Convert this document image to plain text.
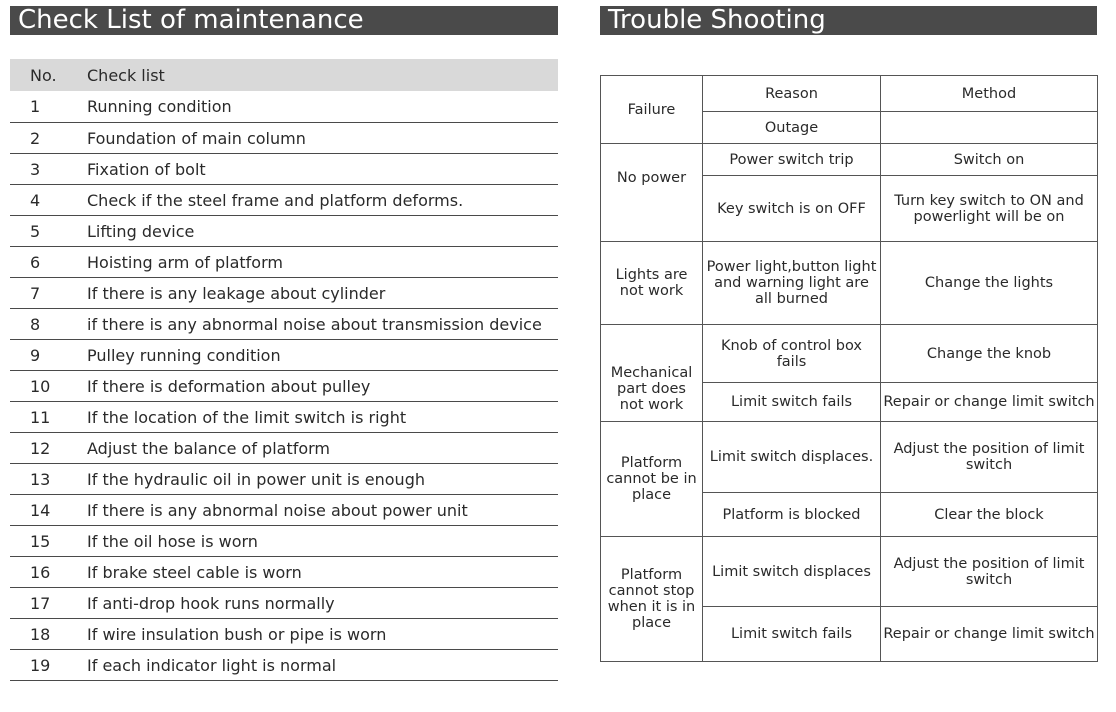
Check List of maintenance	Trouble Shooting
No.	Check list
1	Running condition
2	Foundation of main column
3	Fixation of bolt
4	Check if the steel frame and platform deforms.
5	Lifting device
6	Hoisting arm of platform
7	If there is any leakage about cylinder
8	if there is any abnormal noise about transmission device
9	Pulley running condition
10	If there is deformation about pulley
11	If the location of the limit switch is right
12	Adjust the balance of platform
13	If the hydraulic oil in power unit is enough
14	If there is any abnormal noise about power unit
15	If the oil hose is worn
16	If brake steel cable is worn
17	If anti-drop hook runs normally
18	If wire insulation bush or pipe is worn
19	If each indicator light is normal
Failure	Reason	Method
	Outage	
No power	Power switch trip	Switch on
	Key switch is on OFF	Turn key switch to ON and powerlight will be on
Lights are not work	Power light,button light and warning light are all burned	Change the lights
Mechanical part does not work	Knob of control box fails	Change the knob
	Limit switch fails	Repair or change limit switch
Platform cannot be in place	Limit switch displaces.	Adjust the position of limit switch
	Platform is blocked	Clear the block
Platform cannot stop when it is in place	Limit switch displaces	Adjust the position of limit switch
	Limit switch fails	Repair or change limit switch
